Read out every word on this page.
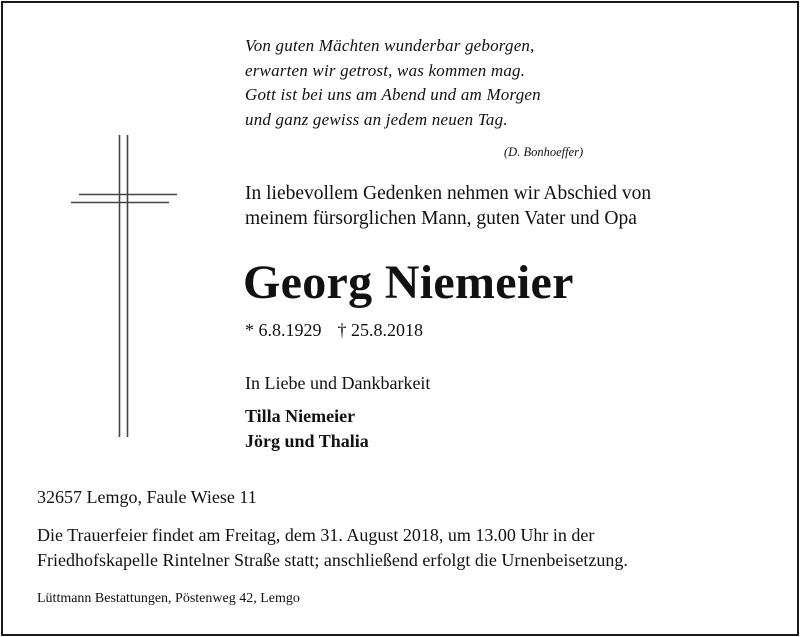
Von guten Mächten wunderbar geborgen,
erwarten wir getrost, was kommen mag.
Gott ist bei uns am Abend und am Morgen
und ganz gewiss an jedem neuen Tag.
(D. Bonhoeffer)
In liebevollem Gedenken nehmen wir Abschied von
meinem fürsorglichen Mann, guten Vater und Opa
Georg Niemeier
* 6.8.1929 † 25.8.2018
In Liebe und Dankbarkeit
Tilla Niemeier
Jörg und Thalia
32657 Lemgo, Faule Wiese 11
Die Trauerfeier findet am Freitag, dem 31. August 2018, um 13.00 Uhr in der
Friedhofskapelle Rintelner Straße statt; anschließend erfolgt die Urnenbeisetzung.
Lüttmann Bestattungen, Pöstenweg 42, Lemgo
